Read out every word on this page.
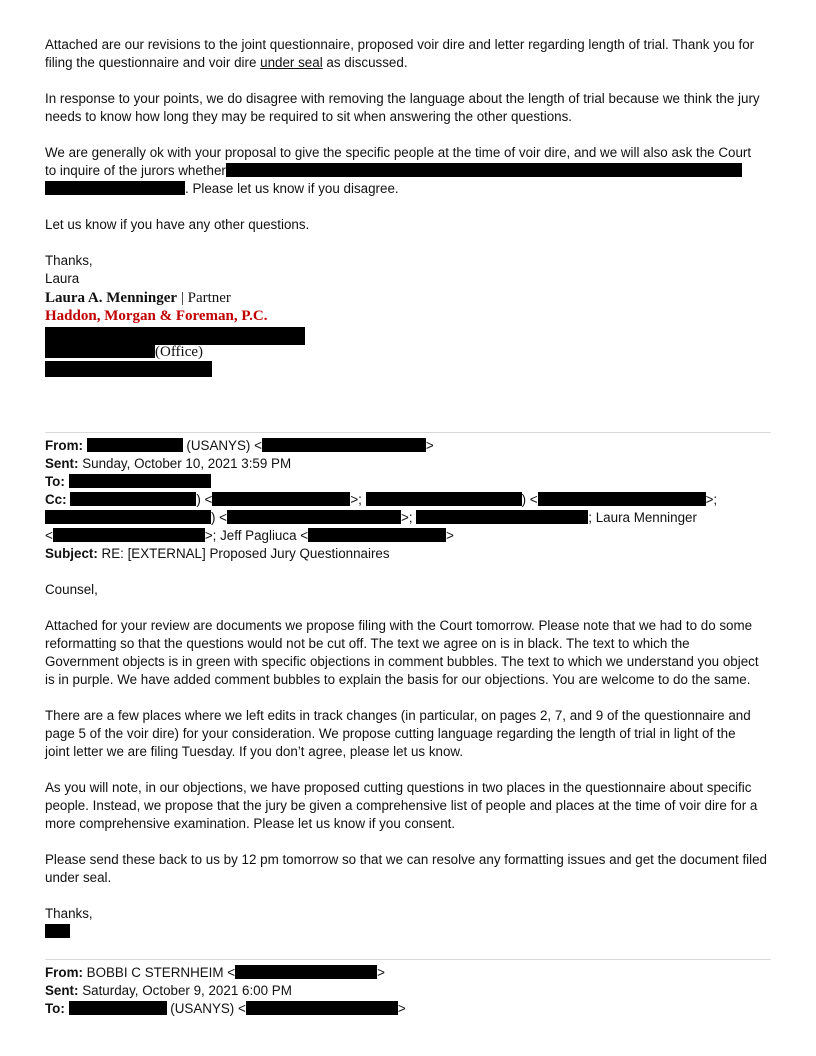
Attached are our revisions to the joint questionnaire, proposed voir dire and letter regarding length of trial. Thank you for
filing the questionnaire and voir dire under seal as discussed.
In response to your points, we do disagree with removing the language about the length of trial because we think the jury
needs to know how long they may be required to sit when answering the other questions.
We are generally ok with your proposal to give the specific people at the time of voir dire, and we will also ask the Court
to inquire of the jurors whether
. Please let us know if you disagree.
Let us know if you have any other questions.
Thanks,
Laura
Laura A. Menninger | Partner
Haddon, Morgan & Foreman, P.C.
(Office)
From:	(USANYS) <	>
Sent: Sunday, October 10, 2021 3:59 PM
To:
Cc:	) <	>;	) <	>;
) <	>;	; Laura Menninger
<	>; Jeff Pagliuca <	>
Subject: RE: [EXTERNAL] Proposed Jury Questionnaires
Counsel,
Attached for your review are documents we propose filing with the Court tomorrow. Please note that we had to do some
reformatting so that the questions would not be cut off. The text we agree on is in black. The text to which the
Government objects is in green with specific objections in comment bubbles. The text to which we understand you object
is in purple. We have added comment bubbles to explain the basis for our objections. You are welcome to do the same.
There are a few places where we left edits in track changes (in particular, on pages 2, 7, and 9 of the questionnaire and
page 5 of the voir dire) for your consideration. We propose cutting language regarding the length of trial in light of the
joint letter we are filing Tuesday. If you don’t agree, please let us know.
As you will note, in our objections, we have proposed cutting questions in two places in the questionnaire about specific
people. Instead, we propose that the jury be given a comprehensive list of people and places at the time of voir dire for a
more comprehensive examination. Please let us know if you consent.
Please send these back to us by 12 pm tomorrow so that we can resolve any formatting issues and get the document filed
under seal.
Thanks,
From: BOBBI C STERNHEIM <	>
Sent: Saturday, October 9, 2021 6:00 PM
To:	(USANYS) <	>
